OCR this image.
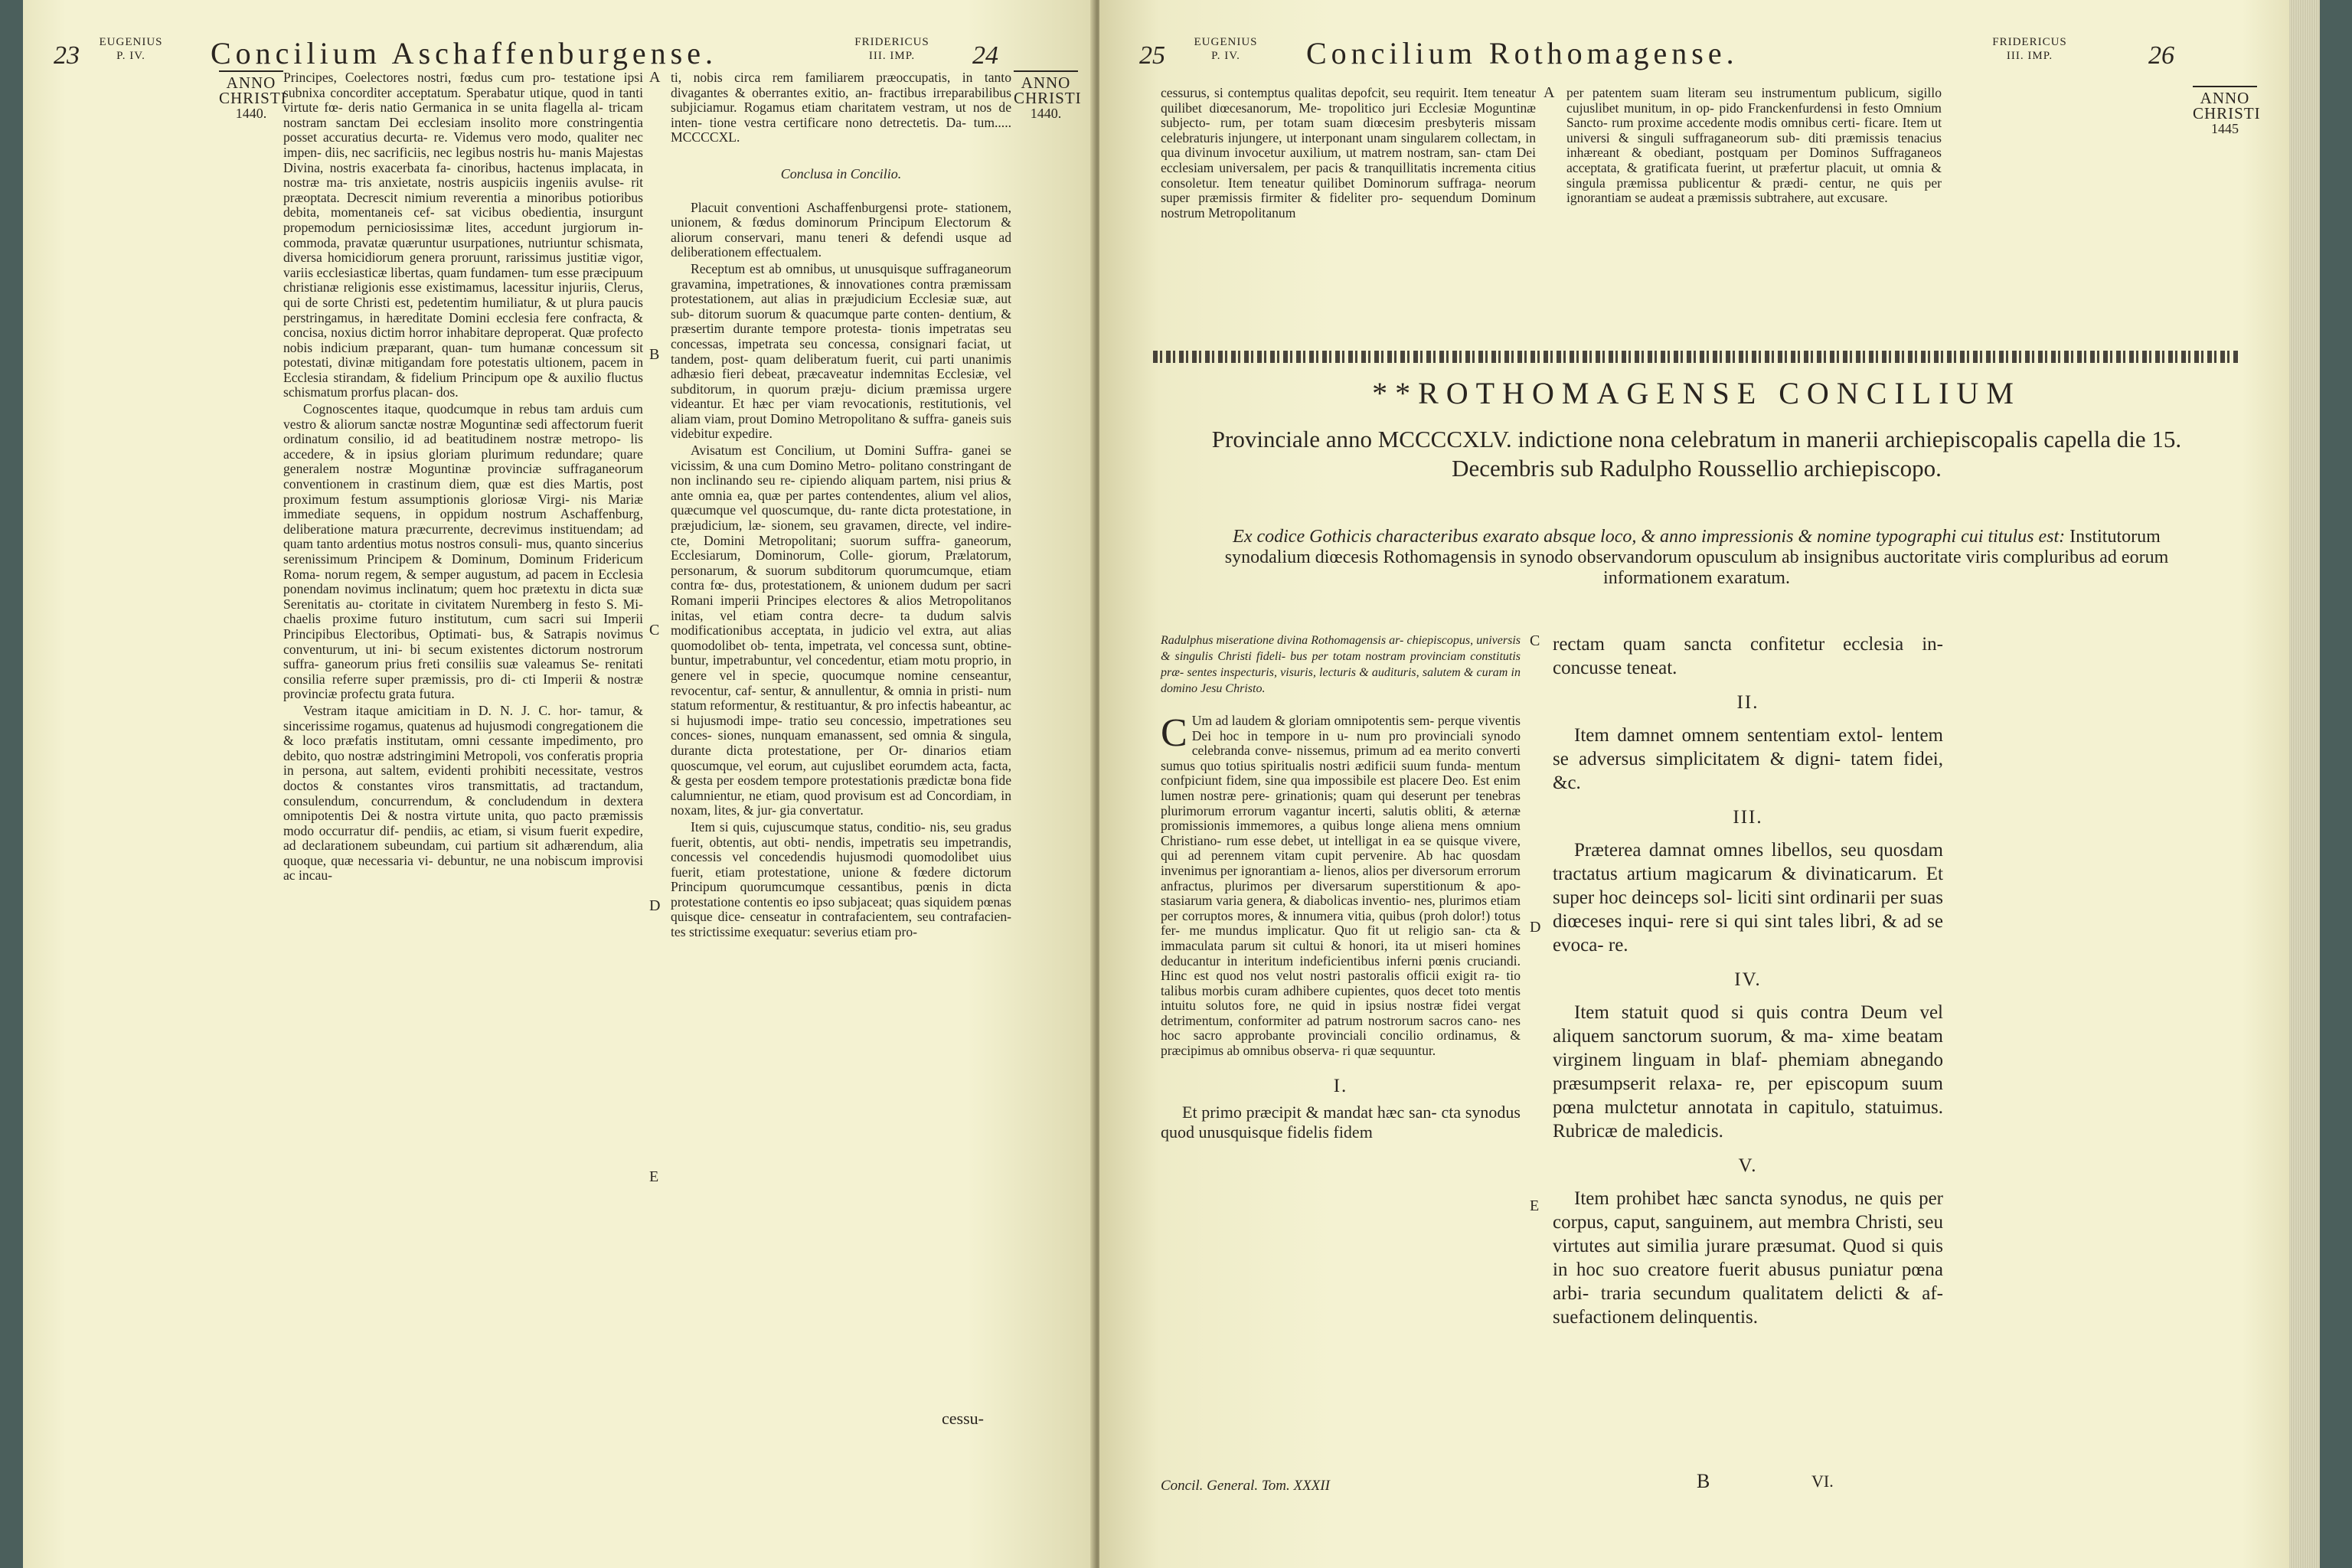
23 EUGENIUS P. IV.	Concilium Aschaffenburgense.	FRIDERICUS III. IMP.	24
ANNO CHRISTI
1440.
ANNO CHRISTI
1440.

Principes, Coelectores nostri, fœdus cum pro- testatione ipsi subnixa concorditer acceptatum. Sperabatur utique, quod in tanti virtute fœ- deris natio Germanica in se unita flagella al- tricam nostram sanctam Dei ecclesiam insolito more constringentia posset accuratius decurta- re. Videmus vero modo, qualiter nec impen- diis, nec sacrificiis, nec legibus nostris hu- manis Majestas Divina, nostris exacerbata fa- cinoribus, hactenus implacata, in nostræ ma- tris anxietate, nostris auspiciis ingeniis avulse- rit præoptata. Decrescit nimium reverentia a minoribus potioribus debita, momentaneis cef- sat vicibus obedientia, insurgunt propemodum perniciosissimæ lites, accedunt jurgiorum in- commoda, pravatæ quæruntur usurpationes, nutriuntur schismata, diversa homicidiorum genera proruunt, rarissimus justitiæ vigor, variis ecclesiasticæ libertas, quam fundamen- tum esse præcipuum christianæ religionis esse existimamus, lacessitur injuriis, Clerus, qui de sorte Christi est, pedetentim humiliatur, & ut plura paucis perstringamus, in hæreditate Domini ecclesia fere confracta, & concisa, noxius dictim horror inhabitare deproperat. Quæ profecto nobis indicium præparant, quan- tum humanæ concessum sit potestati, divinæ mitigandam fore potestatis ultionem, pacem in Ecclesia stirandam, & fidelium Principum ope & auxilio fluctus schismatum prorfus placan- dos.

Cognoscentes itaque, quodcumque in rebus tam arduis cum vestro & aliorum sanctæ nostræ Moguntinæ sedi affectorum fuerit ordinatum consilio, id ad beatitudinem nostræ metropo- lis accedere, & in ipsius gloriam plurimum redundare; quare generalem nostræ Moguntinæ provinciæ suffraganeorum conventionem in crastinum diem, quæ est dies Martis, post proximum festum assumptionis gloriosæ Virgi- nis Mariæ immediate sequens, in oppidum nostrum Aschaffenburg, deliberatione matura præcurrente, decrevimus instituendam; ad quam tanto ardentius motus nostros consuli- mus, quanto sincerius serenissimum Principem & Dominum, Dominum Fridericum Roma- norum regem, & semper augustum, ad pacem in Ecclesia ponendam novimus inclinatum; quem hoc prætextu in dicta suæ Serenitatis au- ctoritate in civitatem Nuremberg in festo S. Mi- chaelis proxime futuro institutum, cum sacri sui Imperii Principibus Electoribus, Optimati- bus, & Satrapis novimus conventurum, ut ini- bi secum existentes dictorum nostrorum suffra- ganeorum prius freti consiliis suæ valeamus Se- renitati consilia referre super præmissis, pro di- cti Imperii & nostræ provinciæ profectu grata futura.

Vestram itaque amicitiam in D. N. J. C. hor- tamur, & sincerissime rogamus, quatenus ad hujusmodi congregationem die & loco præfatis institutam, omni cessante impedimento, pro debito, quo nostræ adstringimini Metropoli, vos conferatis propria in persona, aut saltem, evidenti prohibiti necessitate, vestros doctos & constantes viros transmittatis, ad tractandum, consulendum, concurrendum, & concludendum in dextera omnipotentis Dei & nostra virtute unita, quo pacto præmissis modo occurratur dif- pendiis, ac etiam, si visum fuerit expedire, ad declarationem subeundam, cui partium sit adhærendum, alia quoque, quæ necessaria vi- debuntur, ne una nobiscum improvisi ac incau-

A
B
C
D
E

ti, nobis circa rem familiarem præoccupatis, in tanto divagantes & oberrantes exitio, an- fractibus irreparabilibus subjiciamur. Rogamus etiam charitatem vestram, ut nos de inten- tione vestra certificare nono detrectetis. Da- tum..... MCCCCXL.

Conclusa in Concilio.

Placuit conventioni Aschaffenburgensi prote- stationem, unionem, & fœdus dominorum Principum Electorum & aliorum conservari, manu teneri & defendi usque ad deliberationem effectualem.

Receptum est ab omnibus, ut unusquisque suffraganeorum gravamina, impetrationes, & innovationes contra præmissam protestationem, aut alias in præjudicium Ecclesiæ suæ, aut sub- ditorum suorum & quacumque parte conten- dentium, & præsertim durante tempore protesta- tionis impetratas seu concessas, impetrata seu concessa, consignari faciat, ut tandem, post- quam deliberatum fuerit, cui parti unanimis adhæsio fieri debeat, præcaveatur indemnitas Ecclesiæ, vel subditorum, in quorum præju- dicium præmissa urgere videantur. Et hæc per viam revocationis, restitutionis, vel aliam viam, prout Domino Metropolitano & suffra- ganeis suis videbitur expedire.

Avisatum est Concilium, ut Domini Suffra- ganei se vicissim, & una cum Domino Metro- politano constringant de non inclinando seu re- cipiendo aliquam partem, nisi prius & ante omnia ea, quæ per partes contendentes, alium vel alios, quæcumque vel quoscumque, du- rante dicta protestatione, in præjudicium, læ- sionem, seu gravamen, directe, vel indire- cte, Domini Metropolitani; suorum suffra- ganeorum, Ecclesiarum, Dominorum, Colle- giorum, Prælatorum, personarum, & suorum subditorum quorumcumque, etiam contra fœ- dus, protestationem, & unionem dudum per sacri Romani imperii Principes electores & alios Metropolitanos initas, vel etiam contra decre- ta dudum salvis modificationibus acceptata, in judicio vel extra, aut alias quomodolibet ob- tenta, impetrata, vel concessa sunt, obtine- buntur, impetrabuntur, vel concedentur, etiam motu proprio, in genere vel in specie, quocumque nomine censeantur, revocentur, caf- sentur, & annullentur, & omnia in pristi- num statum reformentur, & restituantur, & pro infectis habeantur, ac si hujusmodi impe- tratio seu concessio, impetrationes seu conces- siones, nunquam emanassent, sed omnia & singula, durante dicta protestatione, per Or- dinarios etiam quoscumque, vel eorum, aut cujuslibet eorumdem acta, facta, & gesta per eosdem tempore protestationis prædictæ bona fide calumnientur, ne etiam, quod provisum est ad Concordiam, in noxam, lites, & jur- gia convertatur.

Item si quis, cujuscumque status, conditio- nis, seu gradus fuerit, obtentis, aut obti- nendis, impetratis seu impetrandis, concessis vel concedendis hujusmodi quomodolibet uius fuerit, etiam protestatione, unione & fœdere dictorum Principum quorumcumque cessantibus, pœnis in dicta protestatione contentis eo ipso subjaceat; quas siquidem pœnas quisque dice- censeatur in contrafacientem, seu contrafacien- tes strictissime exequatur: severius etiam pro-

cessu-
25	EUGENIUS P. IV.	Concilium Rothomagense.	FRIDERICUS III. IMP.	26
ANNO CHRISTI
1445

cessurus, si contemptus qualitas depofcit, seu requirit. Item teneatur quilibet diœcesanorum, Me- tropolitico juri Ecclesiæ Moguntinæ subjecto- rum, per totam suam diœcesim presbyteris missam celebraturis injungere, ut interponant unam singularem collectam, in qua divinum invocetur auxilium, ut matrem nostram, san- ctam Dei ecclesiam universalem, per pacis & tranquillitatis incrementa citius consoletur. Item teneatur quilibet Dominorum suffraga- neorum super præmissis firmiter & fideliter pro- sequendum Dominum nostrum Metropolitanum

A per patentem suam literam seu instrumentum publicum, sigillo cujuslibet munitum, in op- pido Franckenfurdensi in festo Omnium Sancto- rum proxime accedente modis omnibus certi- ficare. Item ut universi & singuli suffraganeorum sub- diti præmissis tenacius inhæreant & obediant, postquam per Dominos Suffraganeos acceptata, & gratificata fuerint, ut præfertur placuit, ut omnia & singula præmissa publicentur & prædi- centur, ne quis per ignorantiam se audeat a præmissis subtrahere, aut excusare.

**ROTHOMAGENSE CONCILIUM
Provinciale anno MCCCCXLV. indictione nona celebratum in manerii archiepiscopalis capella die 15. Decembris sub Radulpho Roussellio archiepiscopo.
Ex codice Gothicis characteribus exarato absque loco, & anno impressionis & nomine typographi cui titulus est: Institutorum synodalium diœcesis Rothomagensis in synodo observandorum opusculum ab insignibus auctoritate viris compluribus ad eorum informationem exaratum.
Radulphus miseratione divina Rothomagensis ar- chiepiscopus, universis & singulis Christi fideli- bus per totam nostram provinciam constitutis præ- sentes inspecturis, visuris, lecturis & audituris, salutem & curam in domino Jesu Christo.

C Um ad laudem & gloriam omnipotentis sem- perque viventis Dei hoc in tempore in u- num pro provinciali synodo celebranda conve- nissemus, primum ad ea merito converti sumus quo totius spiritualis nostri ædificii suum funda- mentum confpiciunt fidem, sine qua impossibile est placere Deo. Est enim lumen nostræ pere- grinationis; quam qui deserunt per tenebras plurimorum errorum vagantur incerti, salutis obliti, & æternæ promissionis immemores, a quibus longe aliena mens omnium Christiano- rum esse debet, ut intelligat in ea se quisque vivere, qui ad perennem vitam cupit pervenire. Ab hac quosdam invenimus per ignorantiam a- lienos, alios per diversorum errorum anfractus, plurimos per diversarum superstitionum & apo- stasiarum varia genera, & diabolicas inventio- nes, plurimos etiam per corruptos mores, & innumera vitia, quibus (proh dolor!) totus fer- me mundus implicatur. Quo fit ut religio san- cta & immaculata parum sit cultui & honori, ita ut miseri homines deducantur in interitum indeficientibus inferni pœnis cruciandi. Hinc est quod nos velut nostri pastoralis officii exigit ra- tio talibus morbis curam adhibere cupientes, quos decet toto mentis intuitu solutos fore, ne quid in ipsius nostræ fidei vergat detrimentum, conformiter ad patrum nostrorum sacros cano- nes hoc sacro approbante provinciali concilio ordinamus, & præcipimus ab omnibus observa- ri quæ sequuntur.

I.

Et primo præcipit & mandat hæc san- cta synodus quod unusquisque fidelis fidem

C
D
E

rectam quam sancta confitetur ecclesia in- concusse teneat.

II.

Item damnet omnem sententiam extol- lentem se adversus simplicitatem & digni- tatem fidei, &c.

III.

Præterea damnat omnes libellos, seu quosdam tractatus artium magicarum & divinaticarum. Et super hoc deinceps sol- liciti sint ordinarii per suas diœceses inqui- rere si qui sint tales libri, & ad se evoca- re.

IV.

Item statuit quod si quis contra Deum vel aliquem sanctorum suorum, & ma- xime beatam virginem linguam in blaf- phemiam abnegando præsumpserit relaxa- re, per episcopum suum pœna mulctetur annotata in capitulo, statuimus. Rubricæ de maledicis.

V.

Item prohibet hæc sancta synodus, ne quis per corpus, caput, sanguinem, aut membra Christi, seu virtutes aut similia jurare præsumat. Quod si quis in hoc suo creatore fuerit abusus puniatur pœna arbi- traria secundum qualitatem delicti & af- suefactionem delinquentis.

Concil. General. Tom. XXXII	B	VI.
